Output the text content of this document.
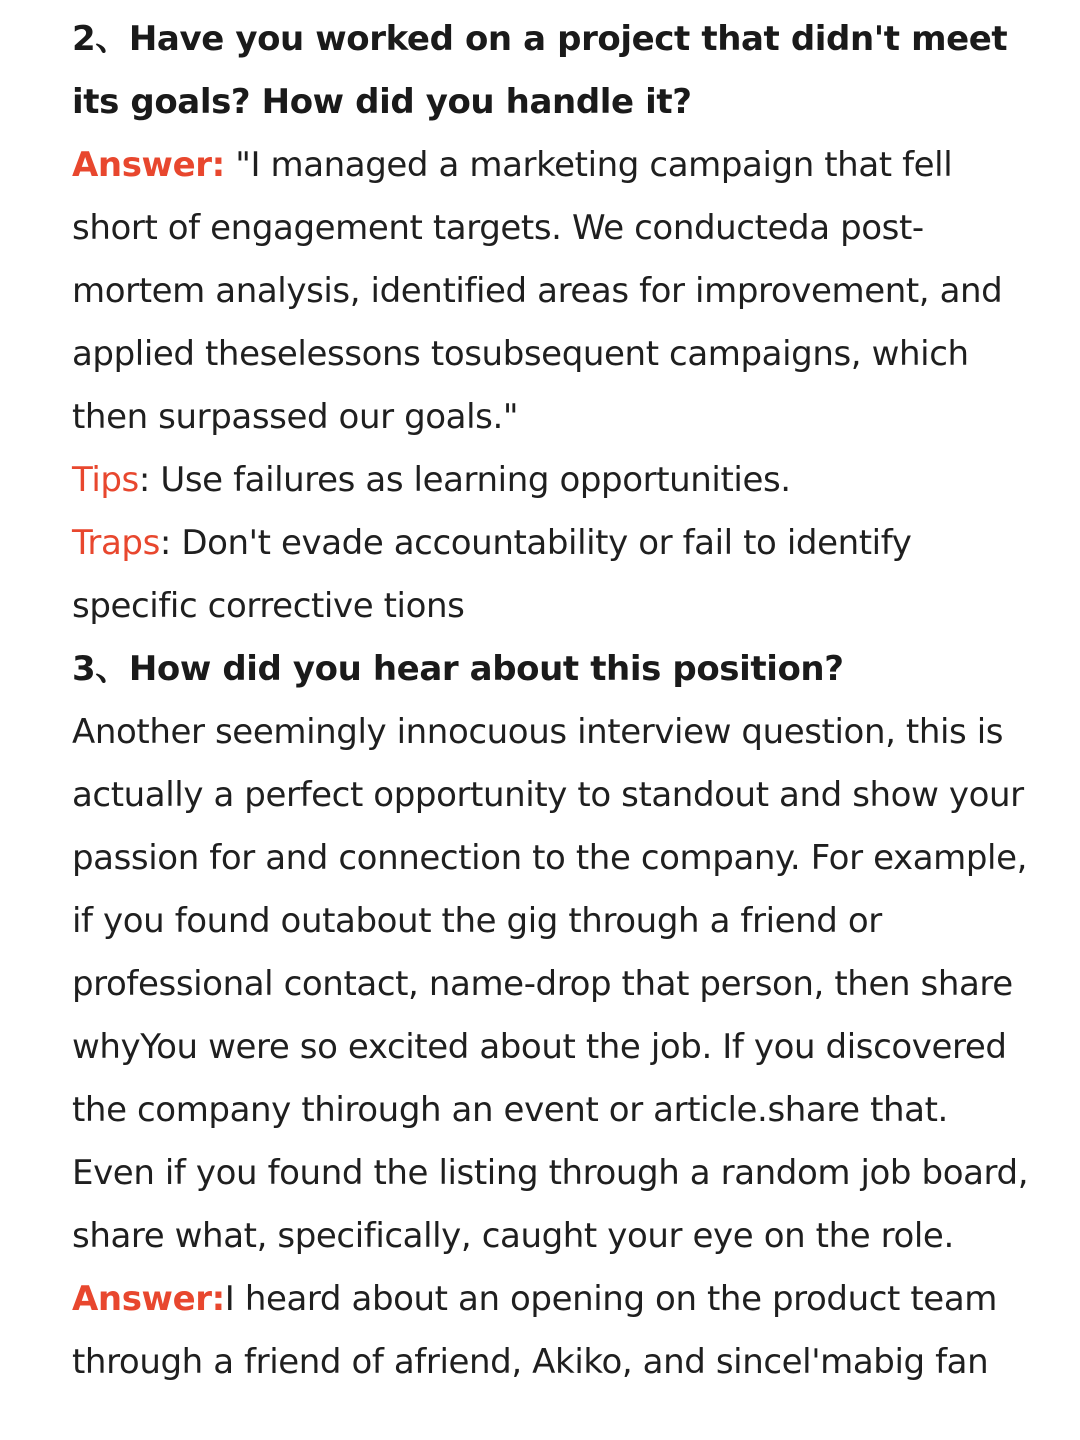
2、Have you worked on a project that didn't meet its goals? How did you handle it?

Answer: "I managed a marketing campaign that fell short of engagement targets. We conducteda post-mortem analysis, identified areas for improvement, and applied theselessons tosubsequent campaigns, which then surpassed our goals."

Tips: Use failures as learning opportunities.

Traps: Don't evade accountability or fail to identify specific corrective tions

3、How did you hear about this position?

Another seemingly innocuous interview question, this is actually a perfect opportunity to standout and show your passion for and connection to the company. For example, if you found outabout the gig through a friend or professional contact, name-drop that person, then share whyYou were so excited about the job. If you discovered the company thirough an event or article.share that. Even if you found the listing through a random job board, share what, specifically, caught your eye on the role.

Answer:I heard about an opening on the product team through a friend of afriend, Akiko, and sincel'mabig fan
